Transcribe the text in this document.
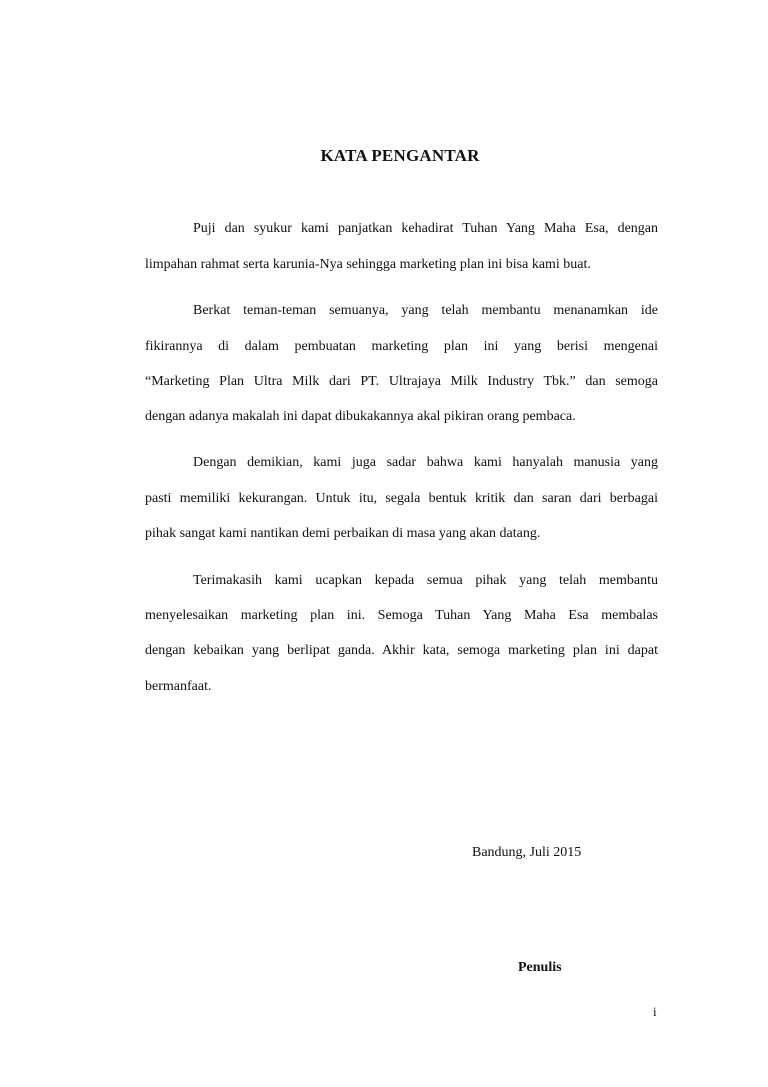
KATA PENGANTAR
Puji dan syukur kami panjatkan kehadirat Tuhan Yang Maha Esa, dengan
limpahan rahmat serta karunia-Nya sehingga marketing plan ini bisa kami buat.
Berkat teman-teman semuanya, yang telah membantu menanamkan ide
fikirannya di dalam pembuatan marketing plan ini yang berisi mengenai
“Marketing Plan Ultra Milk dari PT. Ultrajaya Milk Industry Tbk.” dan semoga
dengan adanya makalah ini dapat dibukakannya akal pikiran orang pembaca.
Dengan demikian, kami juga sadar bahwa kami hanyalah manusia yang
pasti memiliki kekurangan. Untuk itu, segala bentuk kritik dan saran dari berbagai
pihak sangat kami nantikan demi perbaikan di masa yang akan datang.
Terimakasih kami ucapkan kepada semua pihak yang telah membantu
menyelesaikan marketing plan ini. Semoga Tuhan Yang Maha Esa membalas
dengan kebaikan yang berlipat ganda. Akhir kata, semoga marketing plan ini dapat
bermanfaat.
Bandung, Juli 2015
Penulis
i
